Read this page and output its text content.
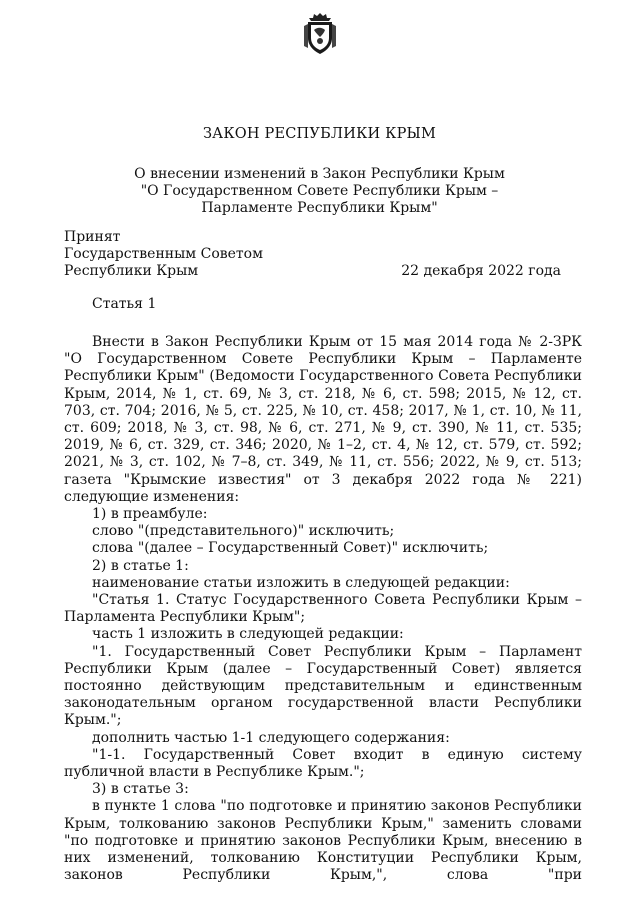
ЗАКОН РЕСПУБЛИКИ КРЫМ
О внесении изменений в Закон Республики Крым
"О Государственном Совете Республики Крым –
Парламенте Республики Крым"
Принят
Государственным Советом
Республики Крым	22 декабря 2022 года
Статья 1

Внести в Закон Республики Крым от 15 мая 2014 года № 2-ЗРК "О Государственном Совете Республики Крым – Парламенте Республики Крым" (Ведомости Государственного Совета Республики Крым, 2014, № 1, ст. 69, № 3, ст. 218, № 6, ст. 598; 2015, № 12, ст. 703, ст. 704; 2016, № 5, ст. 225, № 10, ст. 458; 2017, № 1, ст. 10, № 11, ст. 609; 2018, № 3, ст. 98, № 6, ст. 271, № 9, ст. 390, № 11, ст. 535; 2019, № 6, ст. 329, ст. 346; 2020, № 1–2, ст. 4, № 12, ст. 579, ст. 592; 2021, № 3, ст. 102, № 7–8, ст. 349, № 11, ст. 556; 2022, № 9, ст. 513; газета "Крымские известия" от 3 декабря 2022 года № 221) следующие изменения:

1) в преамбуле:

слово "(представительного)" исключить;

слова "(далее – Государственный Совет)" исключить;

2) в статье 1:

наименование статьи изложить в следующей редакции:

"Статья 1. Статус Государственного Совета Республики Крым – Парламента Республики Крым";

часть 1 изложить в следующей редакции:

"1. Государственный Совет Республики Крым – Парламент Республики Крым (далее – Государственный Совет) является постоянно действующим представительным и единственным законодательным органом государственной власти Республики Крым.";

дополнить частью 1-1 следующего содержания:

"1-1. Государственный Совет входит в единую систему публичной власти в Республике Крым.";

3) в статье 3:

в пункте 1 слова "по подготовке и принятию законов Республики Крым, толкованию законов Республики Крым," заменить словами "по подготовке и принятию законов Республики Крым, внесению в них изменений, толкованию Конституции Республики Крым, законов Республики Крым,", слова "при
